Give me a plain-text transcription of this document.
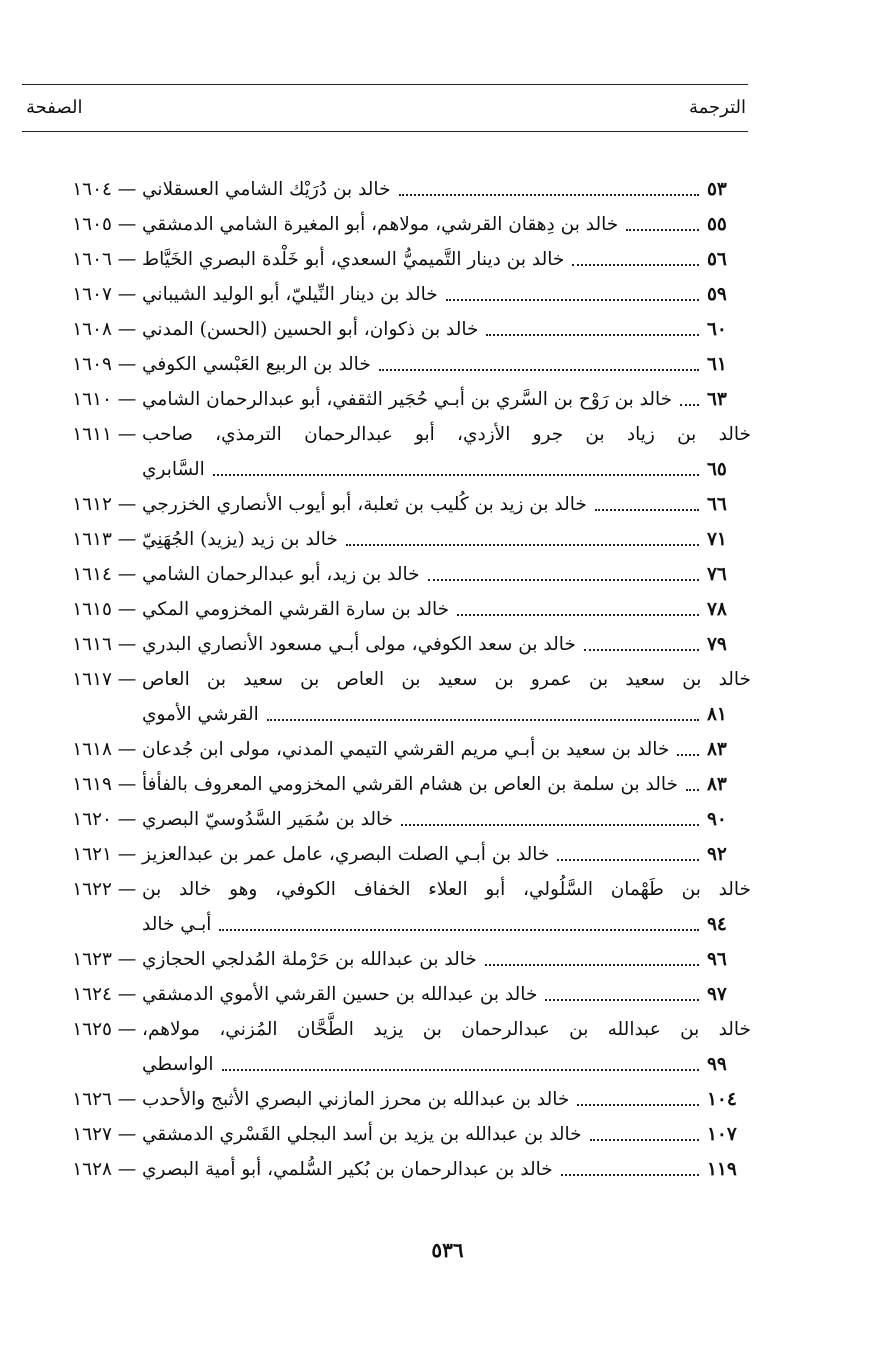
الترجمة
الصفحة
١٦٠٤ — خالد بن دُرَيْك الشامي العسقلاني	٥٣
١٦٠٥ — خالد بن دِهقان القرشي، مولاهم، أبو المغيرة الشامي الدمشقي	٥٥
١٦٠٦ — خالد بن دينار التَّميميُّ السعدي، أبو خَلْدة البصري الخَيَّاط	٥٦
١٦٠٧ — خالد بن دينار النِّيليّ، أبو الوليد الشيباني	٥٩
١٦٠٨ — خالد بن ذكوان، أبو الحسين (الحسن) المدني	٦٠
١٦٠٩ — خالد بن الربيع العَبْسي الكوفي	٦١
١٦١٠ — خالد بن رَوْح بن السَّري بن أبـي حُجَير الثقفي، أبو عبدالرحمان الشامي ٦٣
١٦١١ — خالد بن زياد بن جرو الأزدي، أبو عبدالرحمان الترمذي، صاحب
السَّابري	٦٥
١٦١٢ — خالد بن زيد بن كُليب بن ثعلبة، أبو أيوب الأنصاري الخزرجي	٦٦
١٦١٣ — خالد بن زيد (يزيد) الجُهَنِيّ	٧١
١٦١٤ — خالد بن زيد، أبو عبدالرحمان الشامي	٧٦
١٦١٥ — خالد بن سارة القرشي المخزومي المكي	٧٨
١٦١٦ — خالد بن سعد الكوفي، مولى أبـي مسعود الأنصاري البدري	٧٩
١٦١٧ — خالد بن سعيد بن عمرو بن سعيد بن العاص بن سعيد بن العاص
القرشي الأموي	٨١
١٦١٨ — خالد بن سعيد بن أبـي مريم القرشي التيمي المدني، مولى ابن جُدعان ٨٣
١٦١٩ — خالد بن سلمة بن العاص بن هشام القرشي المخزومي المعروف بالفأفأ ٨٣
١٦٢٠ — خالد بن سُمَير السَّدُوسيّ البصري	٩٠
١٦٢١ — خالد بن أبـي الصلت البصري، عامل عمر بن عبدالعزيز	٩٢
١٦٢٢ — خالد بن طَهْمان السَّلُولي، أبو العلاء الخفاف الكوفي، وهو خالد بن
أبـي خالد	٩٤
١٦٢٣ — خالد بن عبدالله بن حَرْملة المُدلجي الحجازي	٩٦
١٦٢٤ — خالد بن عبدالله بن حسين القرشي الأموي الدمشقي	٩٧
١٦٢٥ — خالد بن عبدالله بن عبدالرحمان بن يزيد الطَّحَّان المُزني، مولاهم،
الواسطي	٩٩
١٦٢٦ — خالد بن عبدالله بن محرز المازني البصري الأثبج والأحدب	١٠٤
١٦٢٧ — خالد بن عبدالله بن يزيد بن أسد البجلي القَسْري الدمشقي	١٠٧
١٦٢٨ — خالد بن عبدالرحمان بن بُكير السُّلمي، أبو أمية البصري	١١٩
٥٣٦
